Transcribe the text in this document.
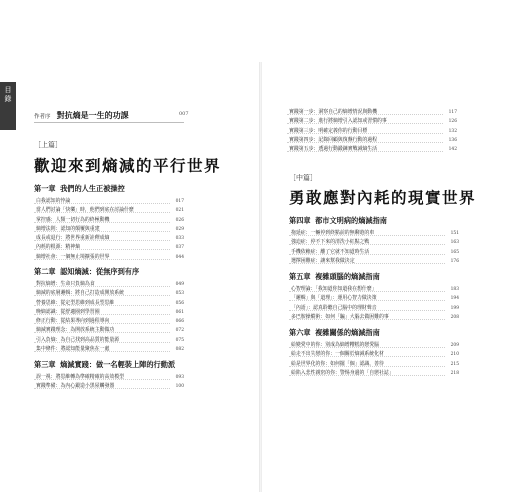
目
錄
作者序 對抗熵是一生的功課	007
［上篇］
歡迎來到熵減的平行世界
第一章 我們的人生正被操控
白我認知的悖論	017
當人們討論「快樂」時，他們到底在討論什麼	021
掌控感：人類一切行為的終極動機	026
熵增法則：認知的顛覆與重建	029
成長或退行：將世界重新詮釋成熵	033
內耗的根源：精神熵	037
熵增社會：一個無止境擴張的世界	044
第二章 認知熵減：從無序到有序
對抗熵增：生命只負熵為食	049
熵減的底層邏輯：將自己打造成開放系統	053
營養思維：從定型思維到成長型思維	056
晚熵認識：從舒適圈到學習圈	061
修正行動：從結果導向到過程導向	066
熵減實踐理念：為開放系統主動做功	072
引入負熵：為自己找到高品質的能量源	075
集中條件：將認知能量聚焦在一處	082
第三章 熵減實踐：做一名輕裝上陣的行動派
誤一視：將思維轉為準確精確的高效模型	093
實踐準備：為內心鍛造小黑屋觸發器	100
實踐第一步：洞察自己的熵增情況與動機	117
實踐第二步：進行將熵增引入認知或習慣的事	126
實踐第三步：明確定義你的行動目標	132
實踐第四步：記錄回顧與復盤行動的過程	136
實踐第五步：透過行動鍛鍊實戰減熵生活	142
［中篇］
勇敢應對內耗的現實世界
第四章 都市文明病的熵減指南
拖延症：一輛停到終點前的無聊遊的車	151
強迫症：停不下來的清洗小紅點之戰	163
手機依賴症：離了它就不知道時生活	165
選擇困難症：讓來幫我做決定	176
第五章 複雜頭腦的熵減指南
心智理論：「我知道你知道我在想什麼」	183
「邏輯」與「道理」：運用心智力做決策	194
「內語」：認真聆聽自己腦中的理財聲音	199
多巴胺操縱術：如何「騙」大腦去做困難的事	208
第六章 複雜關係的熵減指南
給變愛中的你：別成為熵增糟糕的戀愛腦	209
給走不出失戀的你：一個關於熵減系統化材	210
給是世界化的你：如何擺「個」認識，善待	215
給陷入悲性親密的你：警惕身邊的「自戀社誌」	218
